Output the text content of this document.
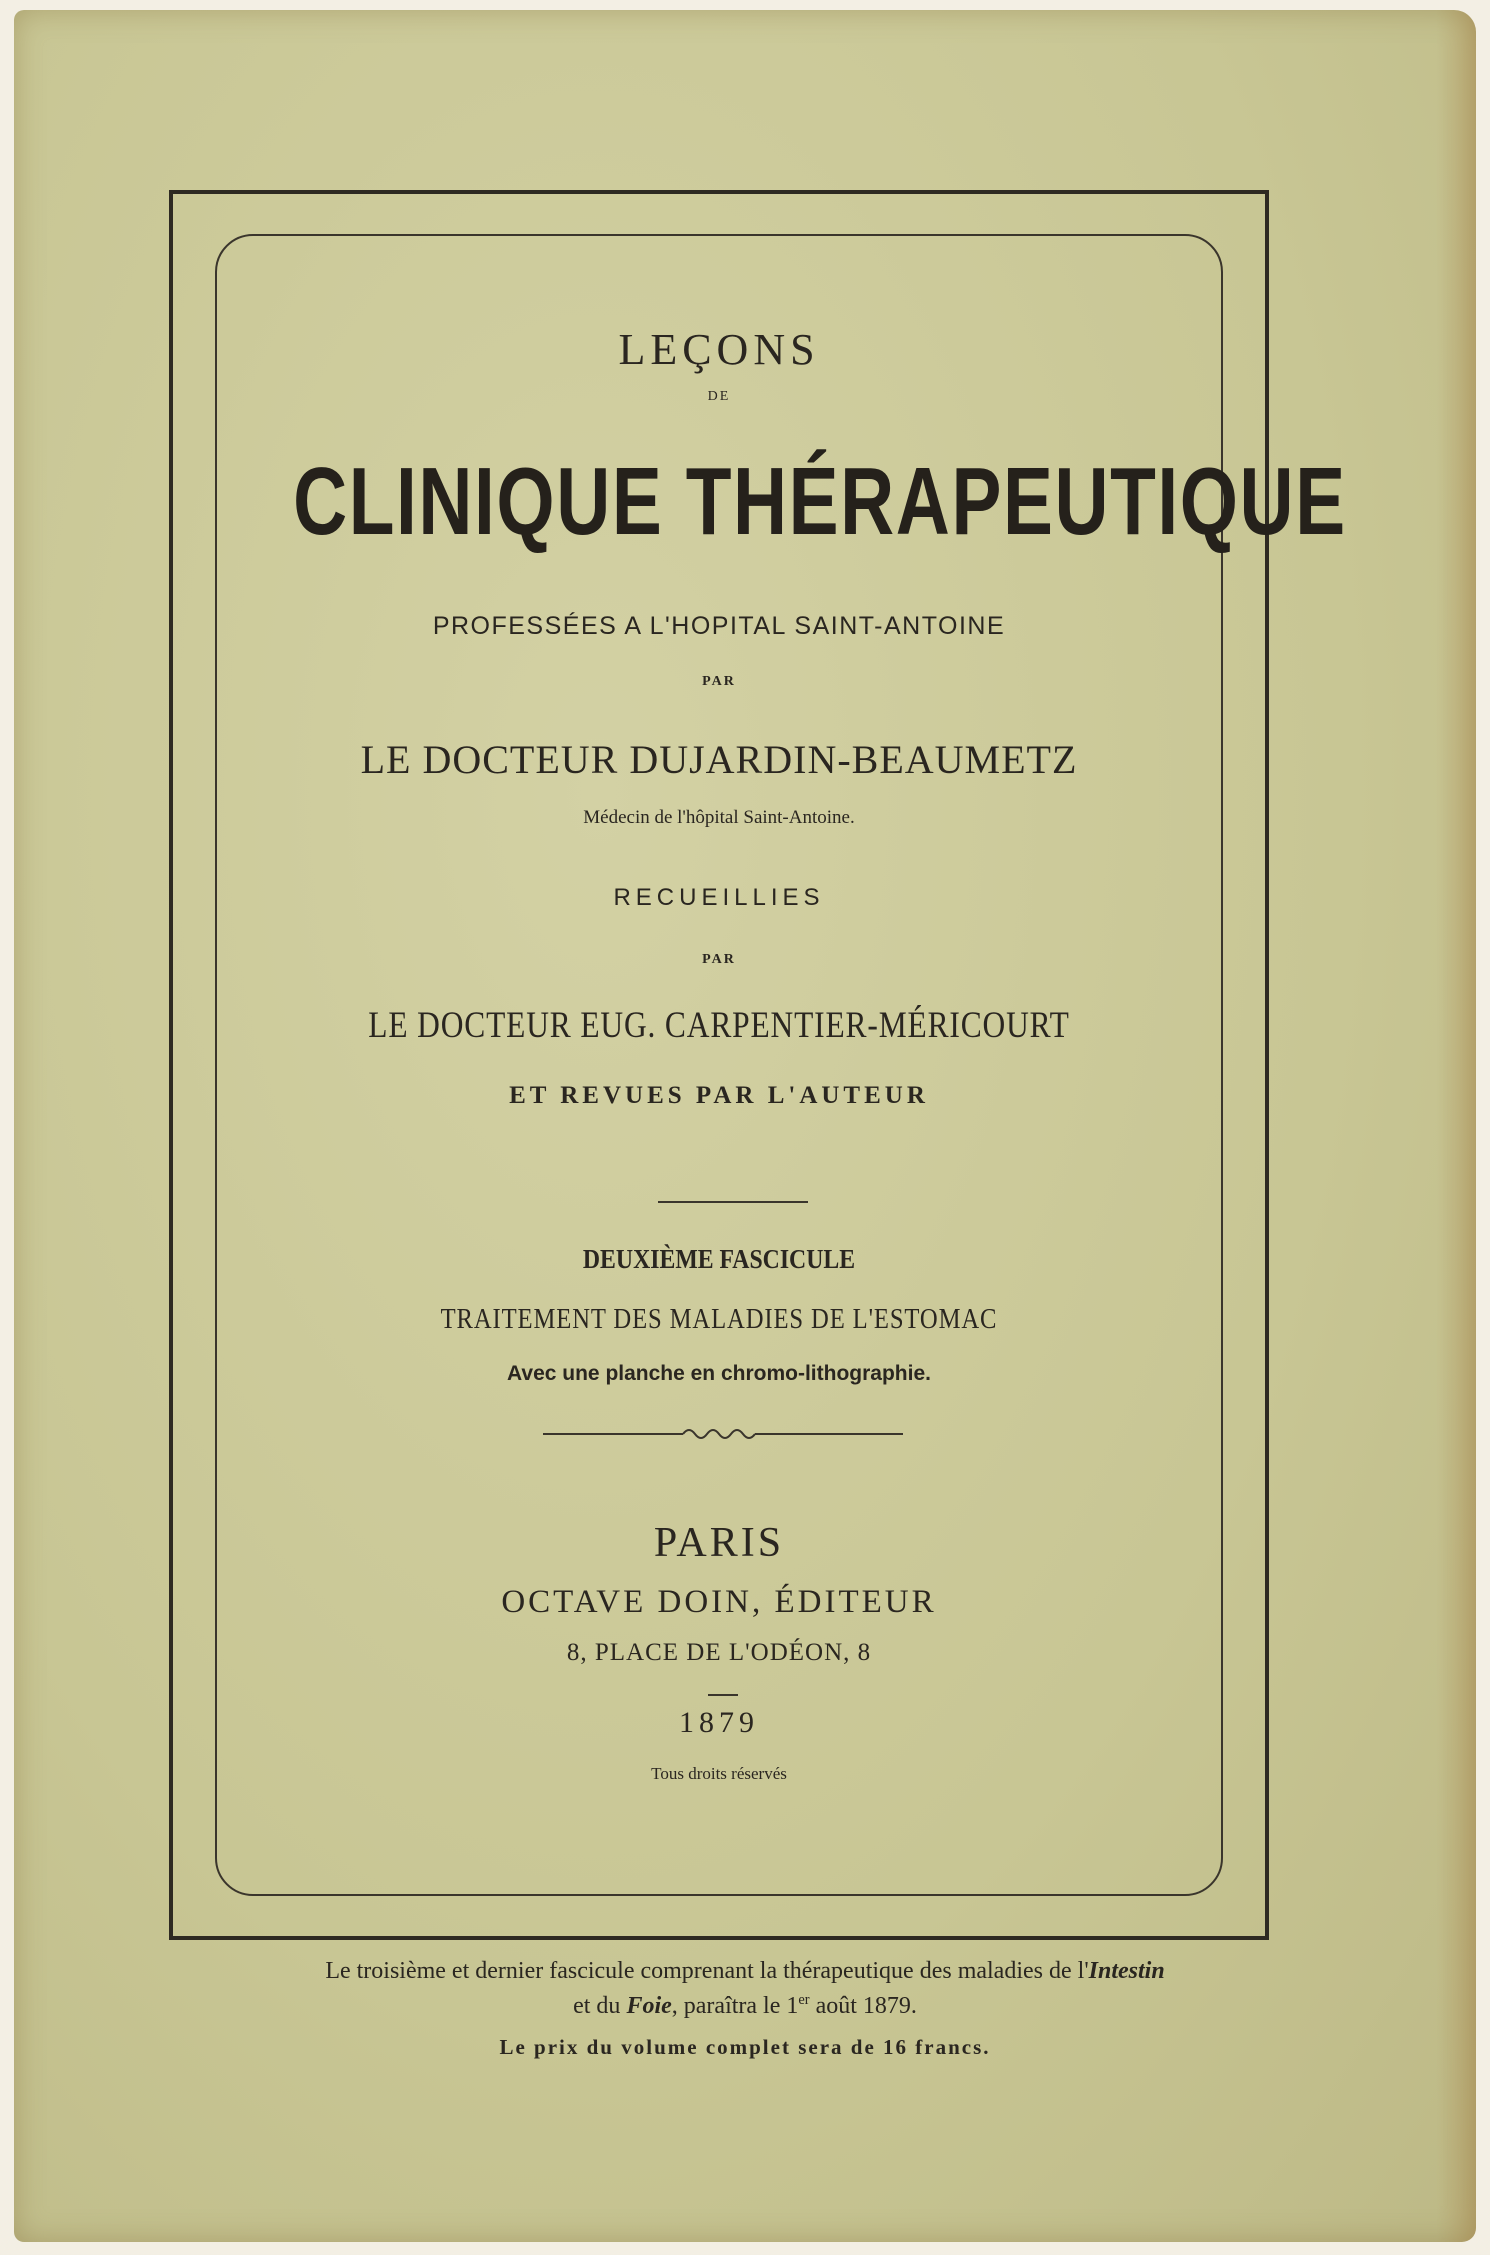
LEÇONS
DE
CLINIQUE THÉRAPEUTIQUE
PROFESSÉES A L'HOPITAL SAINT-ANTOINE
PAR
LE DOCTEUR DUJARDIN-BEAUMETZ
Médecin de l'hôpital Saint-Antoine.
RECUEILLIES
PAR
LE DOCTEUR EUG. CARPENTIER-MÉRICOURT
ET REVUES PAR L'AUTEUR
DEUXIÈME FASCICULE
TRAITEMENT DES MALADIES DE L'ESTOMAC
Avec une planche en chromo-lithographie.
PARIS
OCTAVE DOIN, ÉDITEUR
8, PLACE DE L'ODÉON, 8
1879
Tous droits réservés
Le troisième et dernier fascicule comprenant la thérapeutique des maladies de l'Intestin
et du Foie, paraîtra le 1er août 1879.
Le prix du volume complet sera de 16 francs.
